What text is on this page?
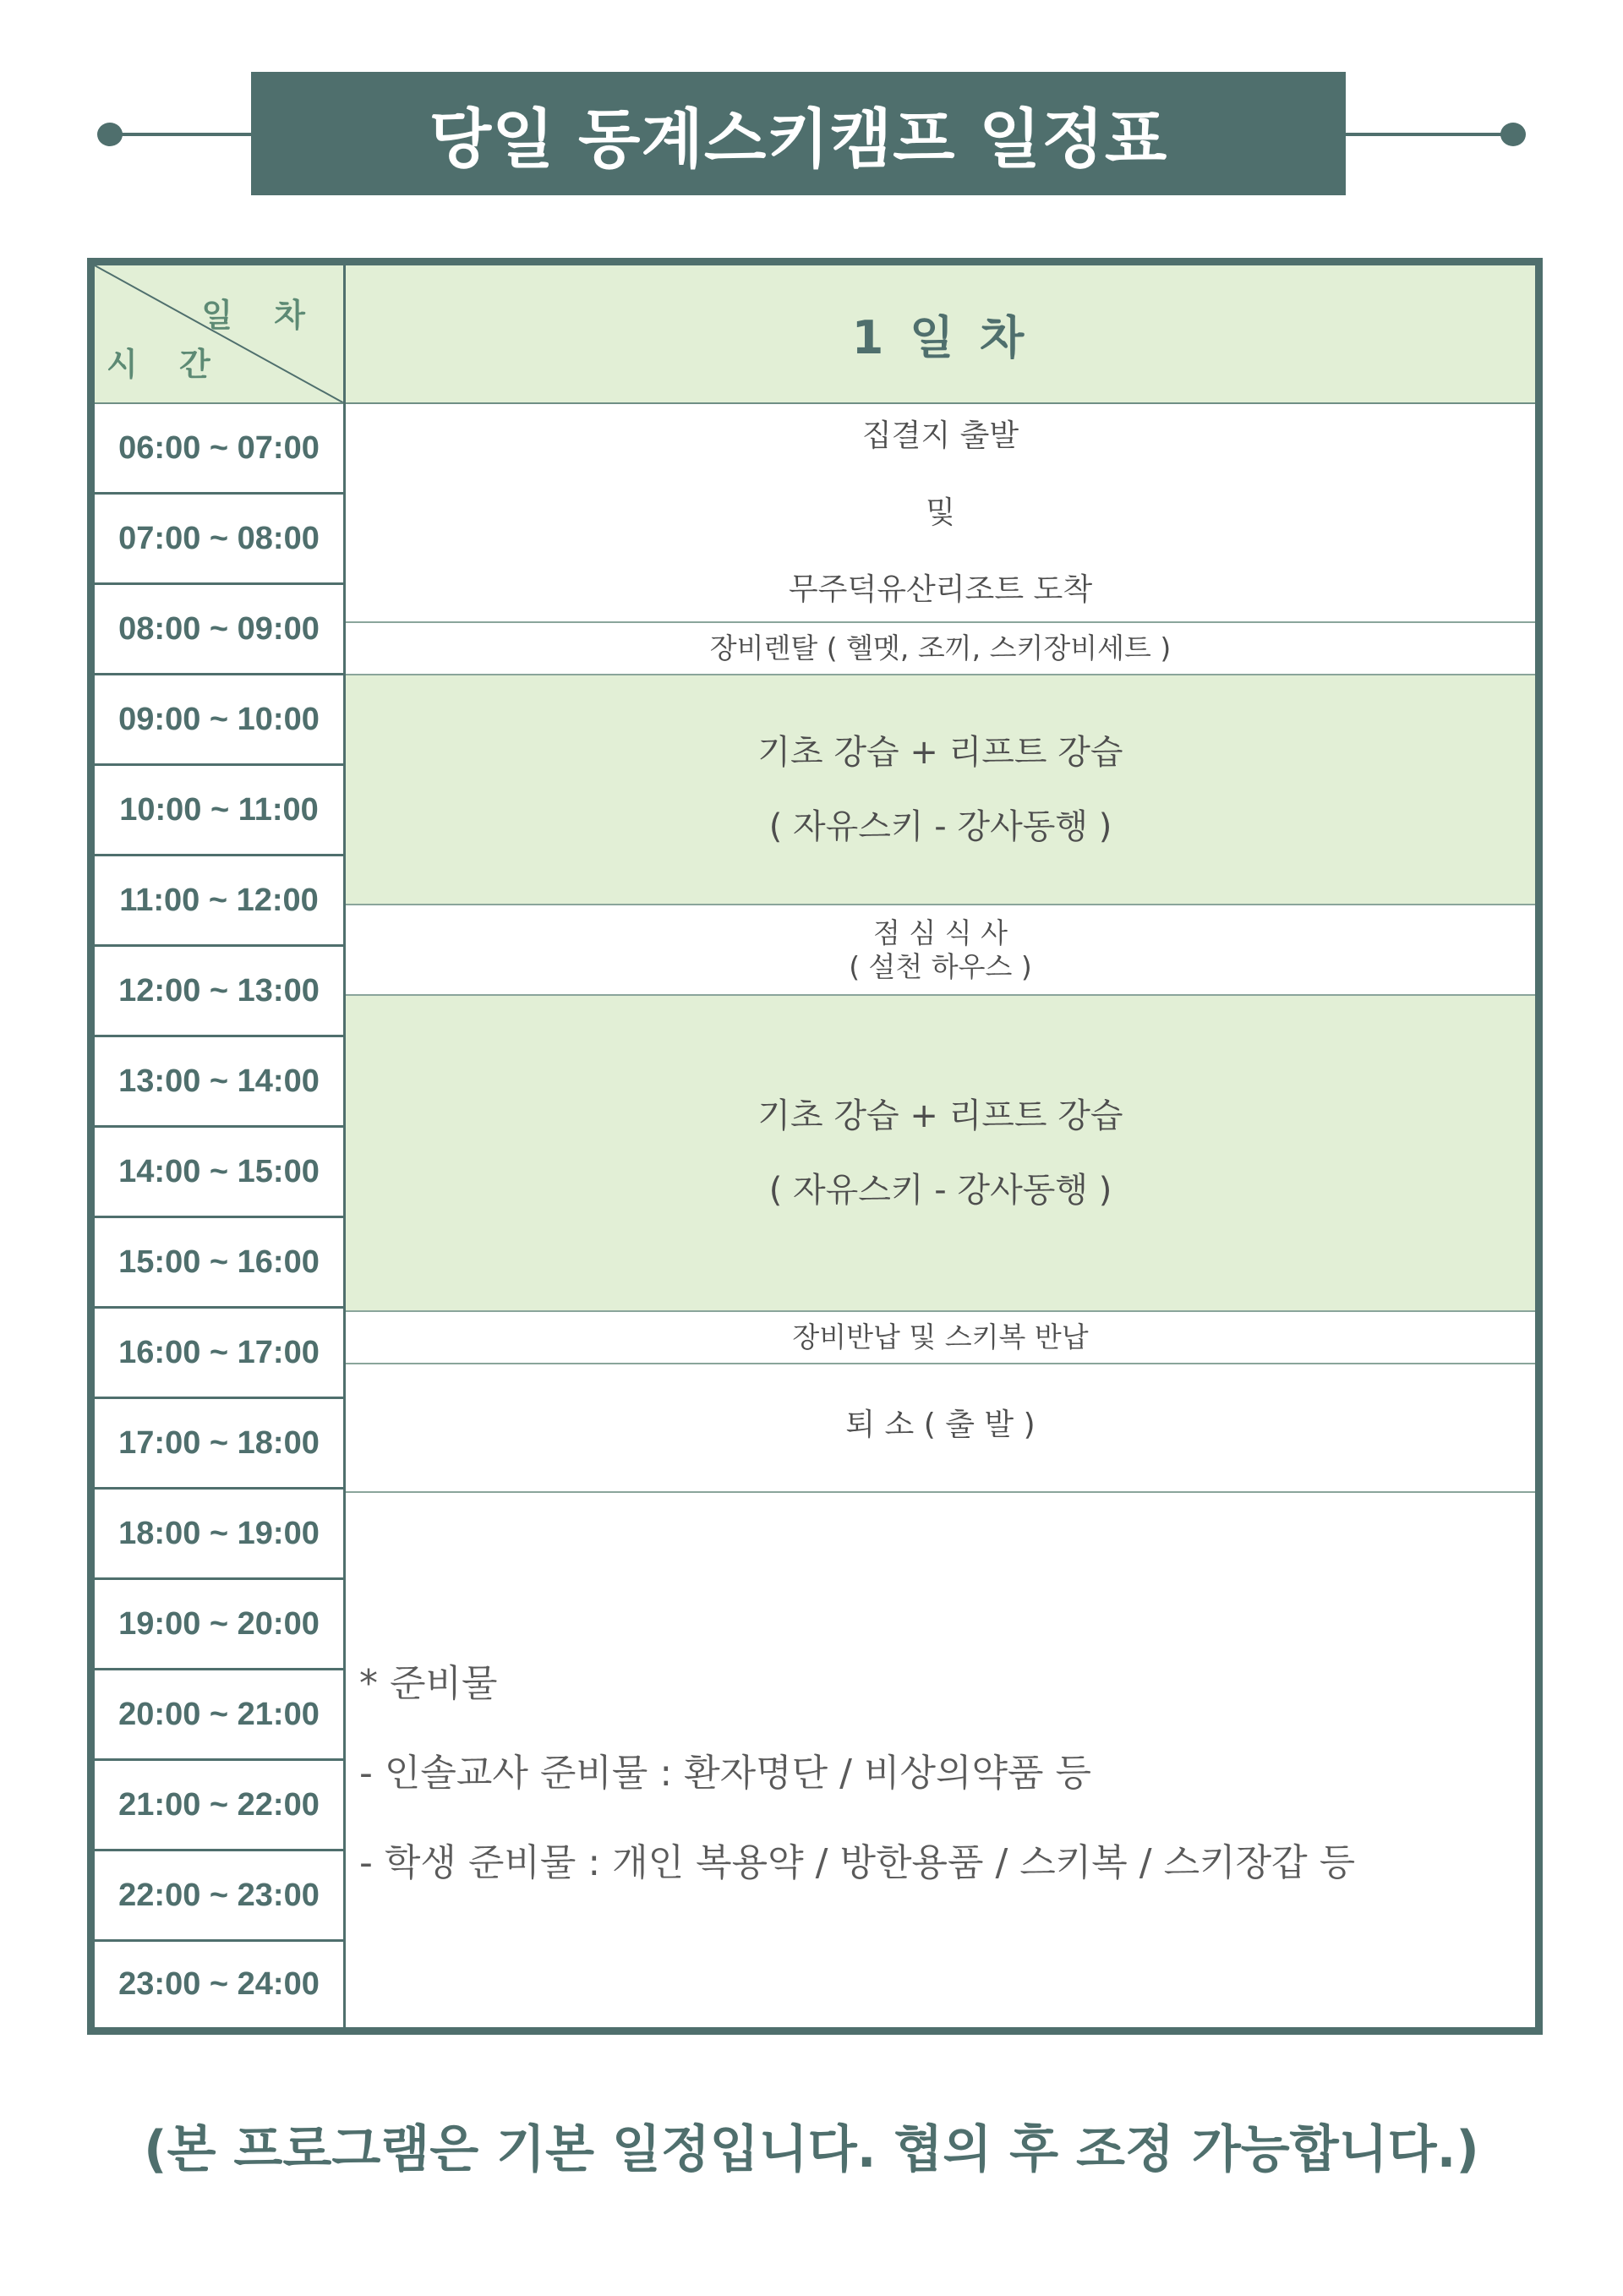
당일 동계스키캠프 일정표
일 차
시 간
06:00 ~ 07:00
07:00 ~ 08:00
08:00 ~ 09:00
09:00 ~ 10:00
10:00 ~ 11:00
11:00 ~ 12:00
12:00 ~ 13:00
13:00 ~ 14:00
14:00 ~ 15:00
15:00 ~ 16:00
16:00 ~ 17:00
17:00 ~ 18:00
18:00 ~ 19:00
19:00 ~ 20:00
20:00 ~ 21:00
21:00 ~ 22:00
22:00 ~ 23:00
23:00 ~ 24:00
1 일 차
집결지 출발
및
무주덕유산리조트 도착
장비렌탈 ( 헬멧, 조끼, 스키장비세트 )
기초 강습 + 리프트 강습
( 자유스키 - 강사동행 )
점 심 식 사
( 설천 하우스 )
기초 강습 + 리프트 강습
( 자유스키 - 강사동행 )
장비반납 및 스키복 반납
퇴 소 ( 출 발 )
* 준비물
- 인솔교사 준비물 : 환자명단 / 비상의약품 등
- 학생 준비물 : 개인 복용약 / 방한용품 / 스키복 / 스키장갑 등
(본 프로그램은 기본 일정입니다. 협의 후 조정 가능합니다.)
